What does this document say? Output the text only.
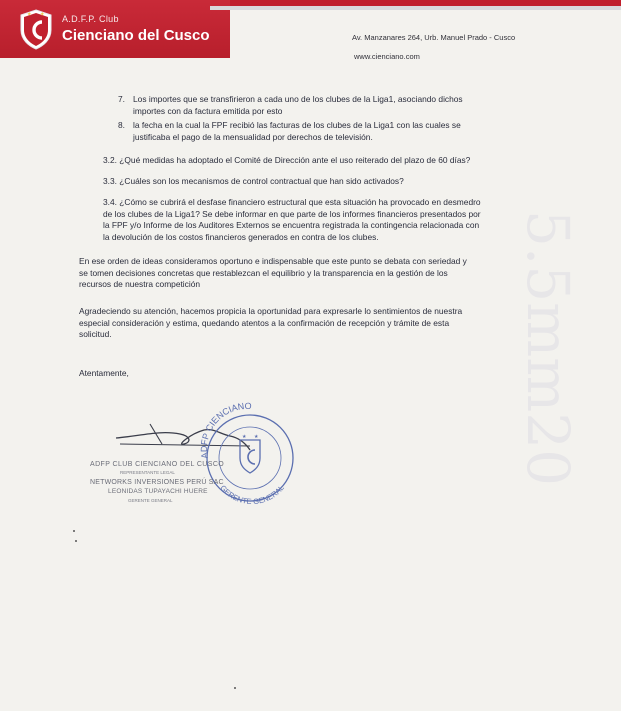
★ ★ A.D.F.P. Club
Cienciano del Cusco	Av. Manzanares 264, Urb. Manuel Prado - Cusco
www.cienciano.com
5.5mm20
7. Los importes que se transfirieron a cada uno de los clubes de la Liga1, asociando dichos
importes con da factura emitida por esto
8. la fecha en la cual la FPF recibió las facturas de los clubes de la Liga1 con las cuales se
justificaba el pago de la mensualidad por derechos de televisión.
3.2. ¿Qué medidas ha adoptado el Comité de Dirección ante el uso reiterado del plazo de 60 días?
3.3. ¿Cuáles son los mecanismos de control contractual que han sido activados?
3.4. ¿Cómo se cubrirá el desfase financiero estructural que esta situación ha provocado en desmedro
de los clubes de la Liga1? Se debe informar en que parte de los informes financieros presentados por
la FPF y/o Informe de los Auditores Externos se encuentra registrada la contingencia relacionada con
la devolución de los costos financieros generados en contra de los clubes.
En ese orden de ideas consideramos oportuno e indispensable que este punto se debata con seriedad y
se tomen decisiones concretas que restablezcan el equilibrio y la transparencia en la gestión de los
recursos de nuestra competición
Agradeciendo su atención, hacemos propicia la oportunidad para expresarle lo sentimientos de nuestra
especial consideración y estima, quedando atentos a la confirmación de recepción y trámite de esta
solicitud.
Atentamente,
ADFP CIENCIANO
GERENTE GENERAL
★ ★
ADFP CLUB CIENCIANO DEL CUSCO
REPRESENTANTE LEGAL
NETWORKS INVERSIONES PERÚ SAC
LEONIDAS TUPAYACHI HUERE
GERENTE GENERAL
